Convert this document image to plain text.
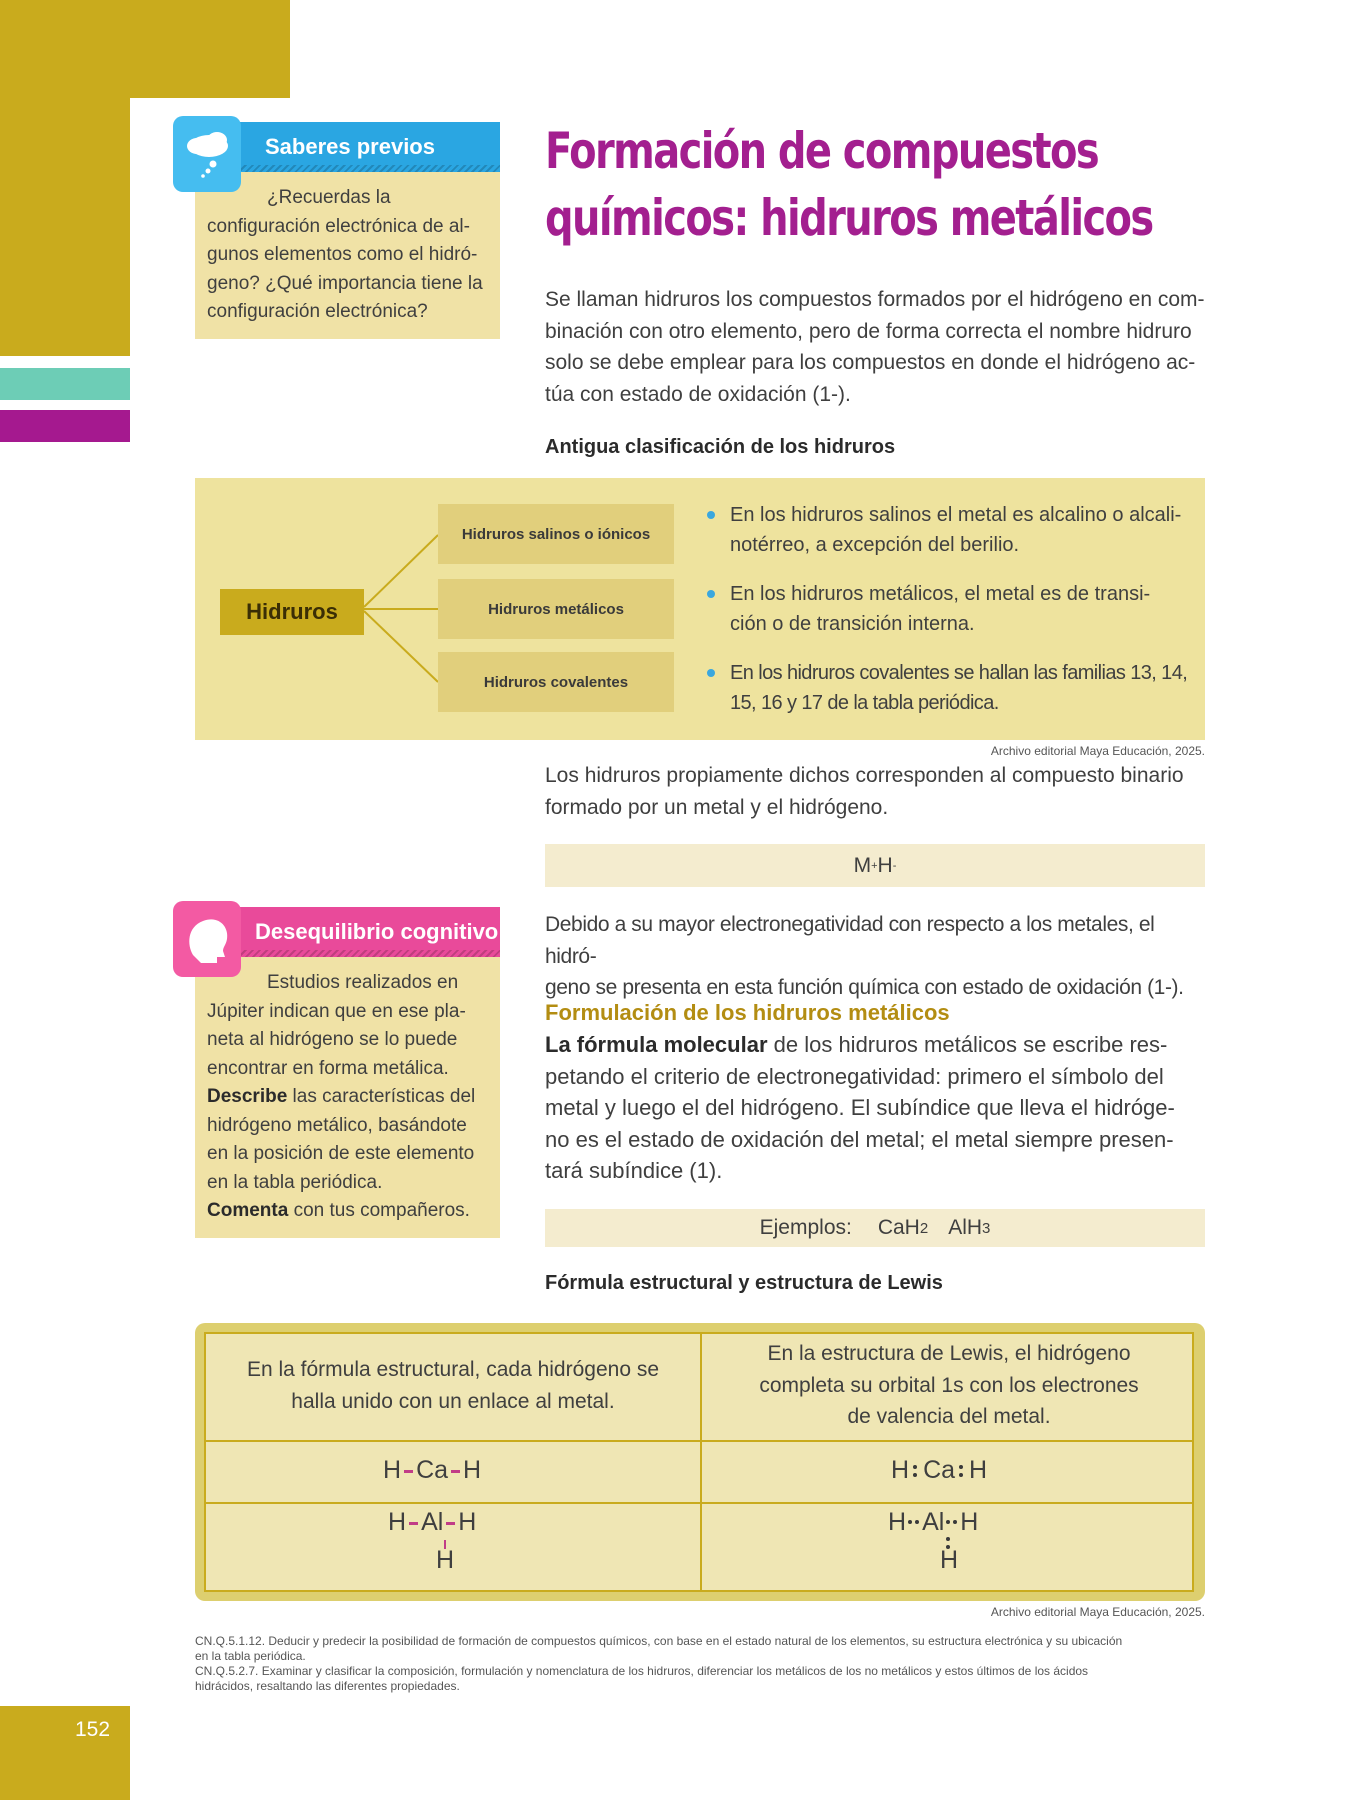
152
Saberes previos
¿Recuerdas la
configuración electrónica de al-
gunos elementos como el hidró-
geno? ¿Qué importancia tiene la
configuración electrónica?
Formación de compuestos
químicos: hidruros metálicos
Se llaman hidruros los compuestos formados por el hidrógeno en com-
binación con otro elemento, pero de forma correcta el nombre hidruro
solo se debe emplear para los compuestos en donde el hidrógeno ac-
túa con estado de oxidación (1-).
Antigua clasificación de los hidruros
Hidruros
Hidruros salinos o iónicos
Hidruros metálicos
Hidruros covalentes
En los hidruros salinos el metal es alcalino o alcali-
notérreo, a excepción del berilio.
En los hidruros metálicos, el metal es de transi-
ción o de transición interna.
En los hidruros covalentes se hallan las familias 13, 14,
15, 16 y 17 de la tabla periódica.
Archivo editorial Maya Educación, 2025.
Los hidruros propiamente dichos corresponden al compuesto binario
formado por un metal y el hidrógeno.
M + H -
Desequilibrio cognitivo
Estudios realizados en
Júpiter indican que en ese pla-
neta al hidrógeno se lo puede
encontrar en forma metálica.
Describe las características del
hidrógeno metálico, basándote
en la posición de este elemento
en la tabla periódica.
Comenta con tus compañeros.
Debido a su mayor electronegatividad con respecto a los metales, el hidró-
geno se presenta en esta función química con estado de oxidación (1-).
Formulación de los hidruros metálicos
La fórmula molecular de los hidruros metálicos se escribe res-
petando el criterio de electronegatividad: primero el símbolo del
metal y luego el del hidrógeno. El subíndice que lleva el hidróge-
no es el estado de oxidación del metal; el metal siempre presen-
tará subíndice (1).
Ejemplos: CaH 2 AlH 3
Fórmula estructural y estructura de Lewis
En la fórmula estructural, cada hidrógeno se
halla unido con un enlace al metal.
En la estructura de Lewis, el hidrógeno
completa su orbital 1s con los electrones
de valencia del metal.
H Ca H	H Ca H
H Al H
H
H Al H
H
Archivo editorial Maya Educación, 2025.
CN.Q.5.1.12. Deducir y predecir la posibilidad de formación de compuestos químicos, con base en el estado natural de los elementos, su estructura electrónica y su ubicación
en la tabla periódica.
CN.Q.5.2.7. Examinar y clasificar la composición, formulación y nomenclatura de los hidruros, diferenciar los metálicos de los no metálicos y estos últimos de los ácidos
hidrácidos, resaltando las diferentes propiedades.
